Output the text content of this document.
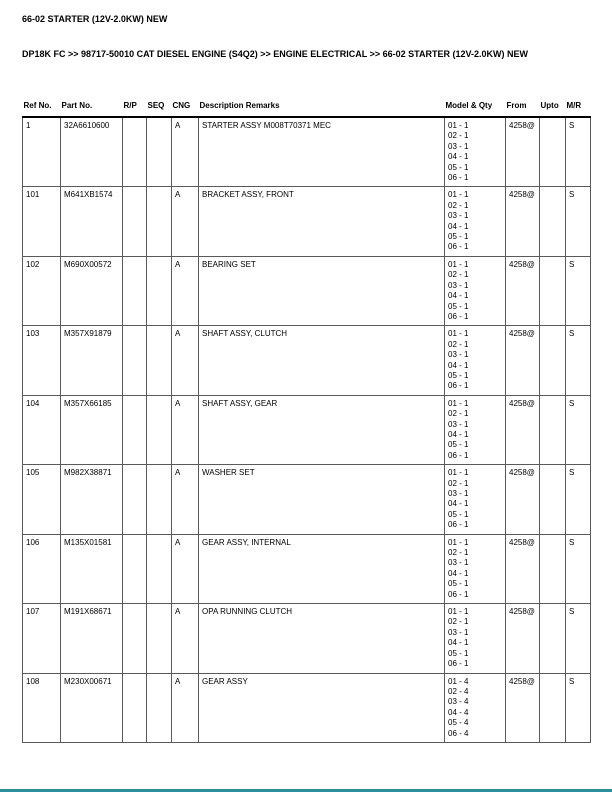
66-02 STARTER (12V-2.0KW) NEW
DP18K FC >> 98717-50010 CAT DIESEL ENGINE (S4Q2) >> ENGINE ELECTRICAL >> 66-02 STARTER (12V-2.0KW) NEW
Ref No.	Part No.	R/P	SEQ	CNG	Description Remarks	Model & Qty	From	Upto	M/R
1	32A6610600			A	STARTER ASSY M008T70371 MEC	01 - 1
02 - 1
03 - 1
04 - 1
05 - 1
06 - 1
	4258@		S
101	M641XB1574			A	BRACKET ASSY, FRONT	01 - 1
02 - 1
03 - 1
04 - 1
05 - 1
06 - 1
	4258@		S
102	M690X00572			A	BEARING SET	01 - 1
02 - 1
03 - 1
04 - 1
05 - 1
06 - 1
	4258@		S
103	M357X91879			A	SHAFT ASSY, CLUTCH	01 - 1
02 - 1
03 - 1
04 - 1
05 - 1
06 - 1
	4258@		S
104	M357X66185			A	SHAFT ASSY, GEAR	01 - 1
02 - 1
03 - 1
04 - 1
05 - 1
06 - 1
	4258@		S
105	M982X38871			A	WASHER SET	01 - 1
02 - 1
03 - 1
04 - 1
05 - 1
06 - 1
	4258@		S
106	M135X01581			A	GEAR ASSY, INTERNAL	01 - 1
02 - 1
03 - 1
04 - 1
05 - 1
06 - 1
	4258@		S
107	M191X68671			A	OPA RUNNING CLUTCH	01 - 1
02 - 1
03 - 1
04 - 1
05 - 1
06 - 1
	4258@		S
108	M230X00671			A	GEAR ASSY	01 - 4
02 - 4
03 - 4
04 - 4
05 - 4
06 - 4
	4258@		S
